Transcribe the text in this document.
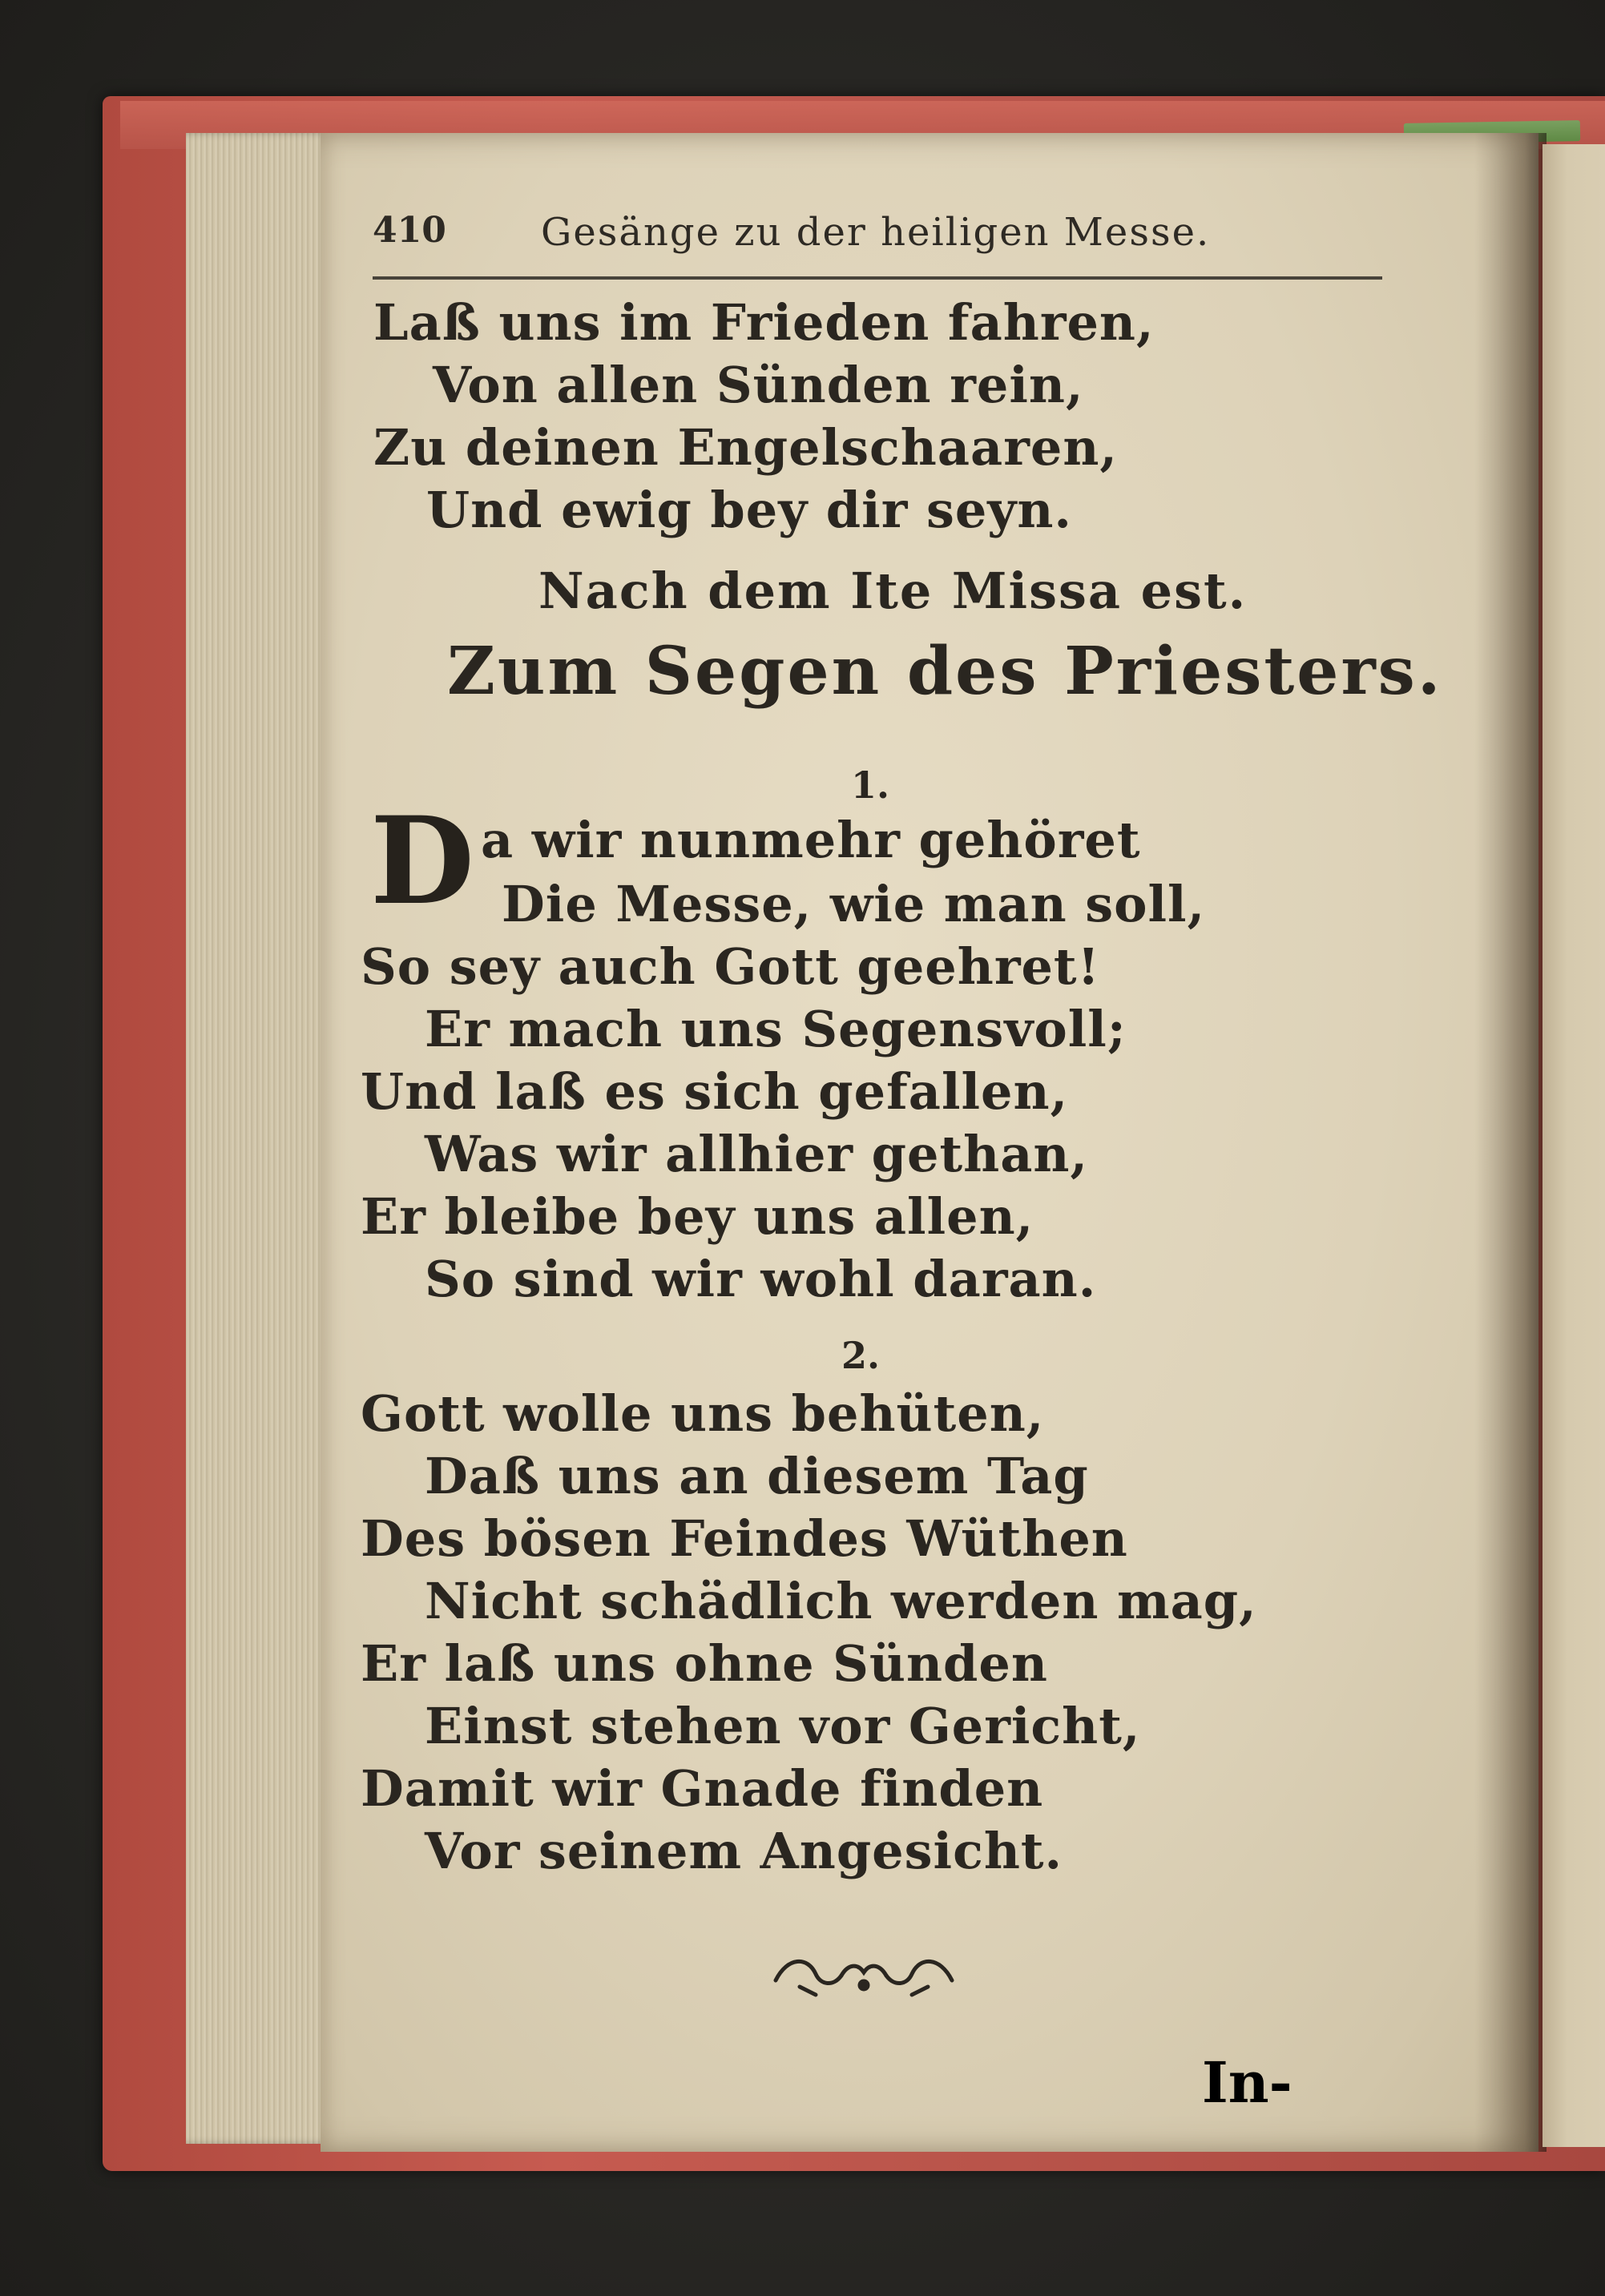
410 Gesänge zu der heiligen Messe.
Laß uns im Frieden fahren,
Von allen Sünden rein,
Zu deinen Engelschaaren,
Und ewig bey dir seyn.
Nach dem Ite Missa est.
Zum Segen des Priesters.
1.
D a wir nunmehr gehöret
Die Messe, wie man soll,
So sey auch Gott geehret!
Er mach uns Segensvoll;
Und laß es sich gefallen,
Was wir allhier gethan,
Er bleibe bey uns allen,
So sind wir wohl daran.
2.
Gott wolle uns behüten,
Daß uns an diesem Tag
Des bösen Feindes Wüthen
Nicht schädlich werden mag,
Er laß uns ohne Sünden
Einst stehen vor Gericht,
Damit wir Gnade finden
Vor seinem Angesicht.
In-
